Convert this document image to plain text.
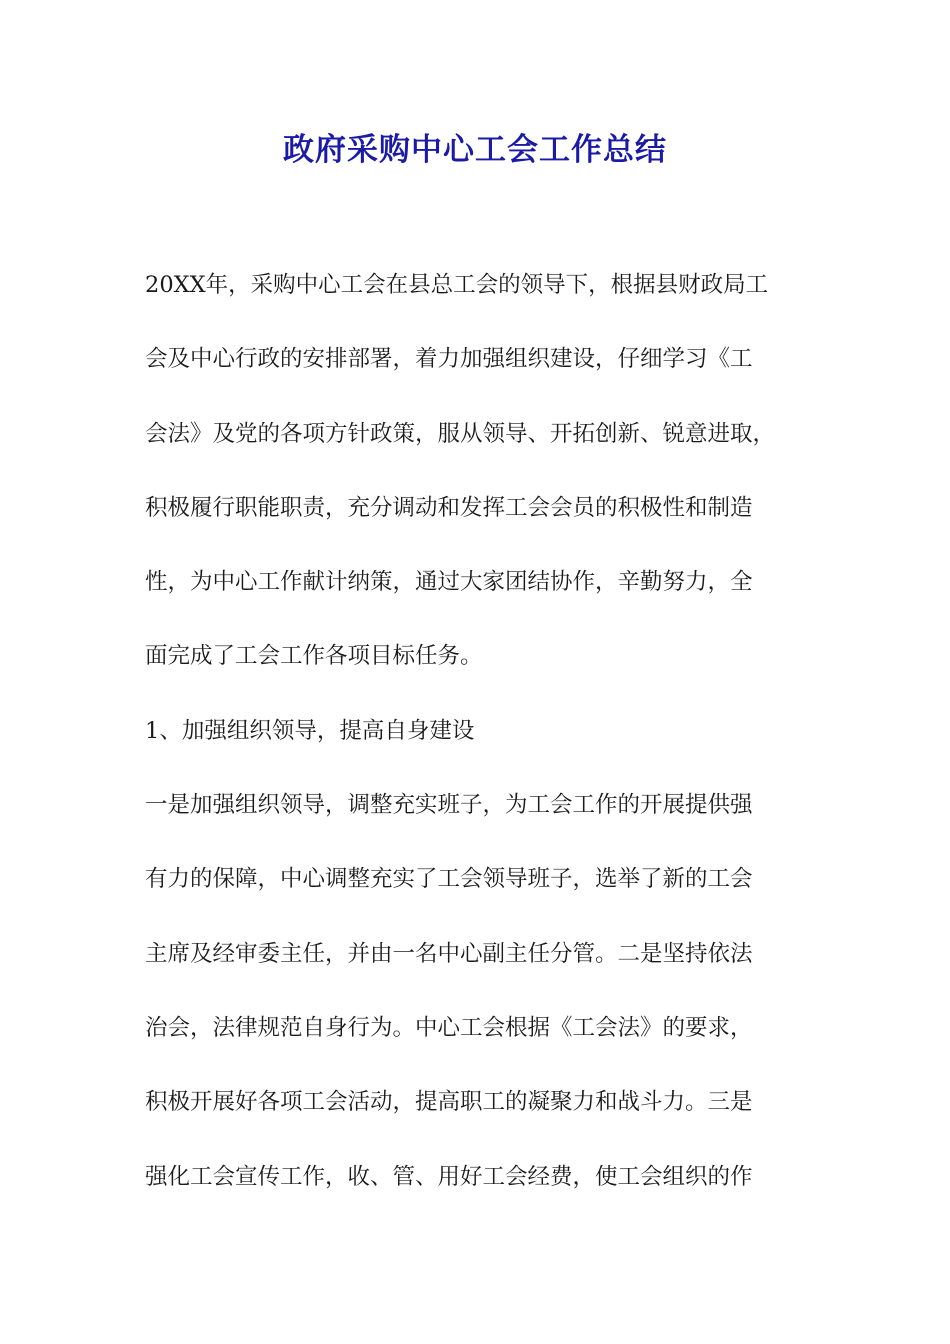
政府采购中心工会工作总结
20XX年，采购中心工会在县总工会的领导下，根据县财政局工
会及中心行政的安排部署，着力加强组织建设，仔细学习《工
会法》及党的各项方针政策，服从领导、开拓创新、锐意进取，
积极履行职能职责，充分调动和发挥工会会员的积极性和制造
性，为中心工作献计纳策，通过大家团结协作，辛勤努力，全
面完成了工会工作各项目标任务。
1、加强组织领导，提高自身建设
一是加强组织领导，调整充实班子，为工会工作的开展提供强
有力的保障，中心调整充实了工会领导班子，选举了新的工会
主席及经审委主任，并由一名中心副主任分管。二是坚持依法
治会，法律规范自身行为。中心工会根据《工会法》的要求，
积极开展好各项工会活动，提高职工的凝聚力和战斗力。三是
强化工会宣传工作，收、管、用好工会经费，使工会组织的作
